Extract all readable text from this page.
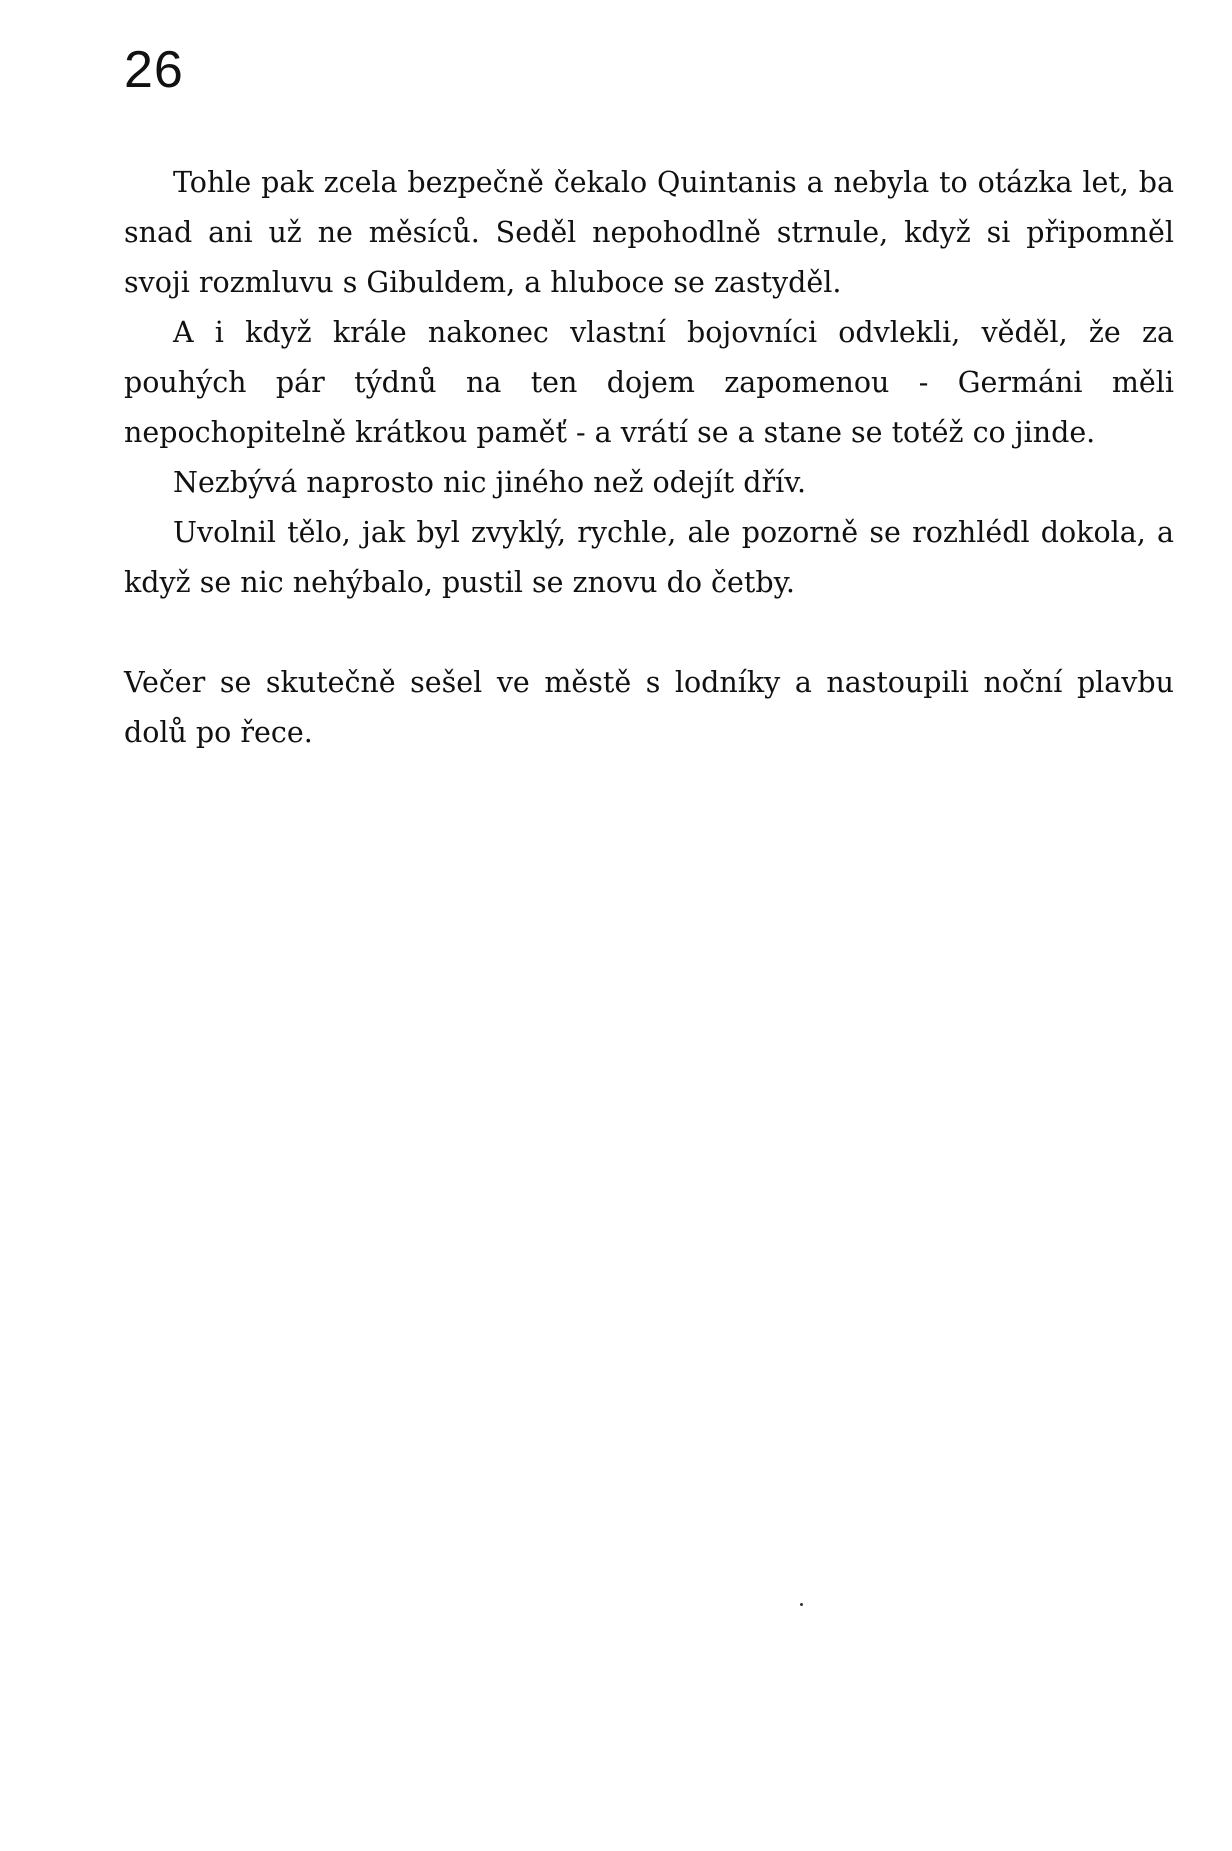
26

Tohle pak zcela bezpečně čekalo Quintanis a nebyla to otázka let, ba snad ani už ne měsíců. Seděl nepohodlně strnule, když si připomněl svoji rozmluvu s Gibuldem, a hluboce se zastyděl.

A i když krále nakonec vlastní bojovníci odvlekli, věděl, že za pouhých pár týdnů na ten dojem zapomenou - Germáni měli nepochopitelně krátkou paměť - a vrátí se a stane se totéž co jinde.

Nezbývá naprosto nic jiného než odejít dřív.

Uvolnil tělo, jak byl zvyklý, rychle, ale pozorně se rozhlédl dokola, a když se nic nehýbalo, pustil se znovu do četby.

Večer se skutečně sešel ve městě s lodníky a nastoupili noční plavbu dolů po řece.
